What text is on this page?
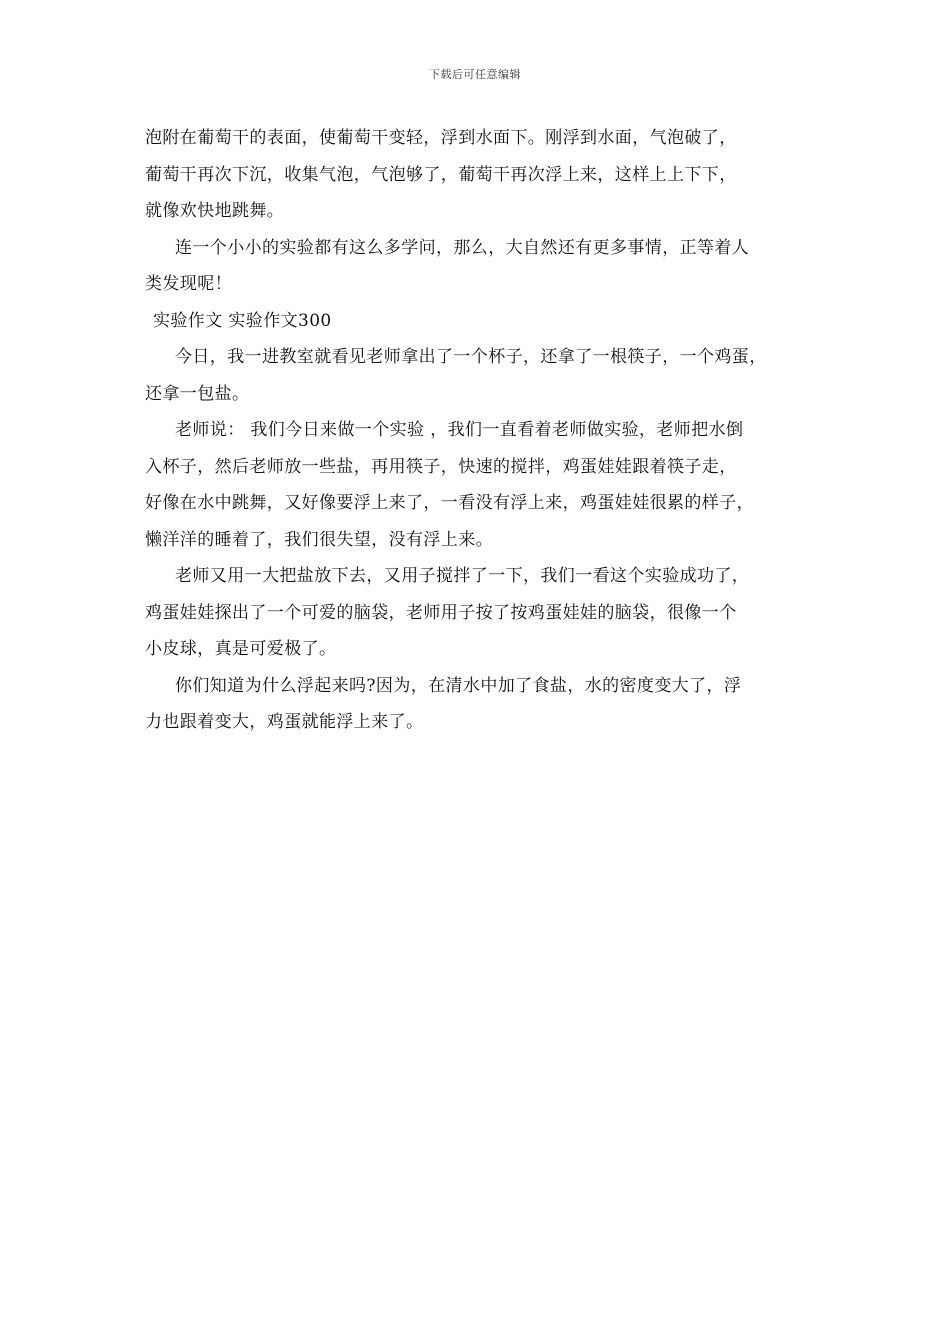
下载后可任意编辑
泡附在葡萄干的表面，使葡萄干变轻，浮到水面下。刚浮到水面，气泡破了，
葡萄干再次下沉，收集气泡，气泡够了，葡萄干再次浮上来，这样上上下下，
就像欢快地跳舞。
连一个小小的实验都有这么多学问，那么，大自然还有更多事情，正等着人
类发现呢！
实验作文 实验作文300
今日，我一进教室就看见老师拿出了一个杯子，还拿了一根筷子，一个鸡蛋，
还拿一包盐。
老师说： 我们今日来做一个实验 ，我们一直看着老师做实验，老师把水倒
入杯子，然后老师放一些盐，再用筷子，快速的搅拌，鸡蛋娃娃跟着筷子走，
好像在水中跳舞，又好像要浮上来了，一看没有浮上来，鸡蛋娃娃很累的样子，
懒洋洋的睡着了，我们很失望，没有浮上来。
老师又用一大把盐放下去，又用子搅拌了一下，我们一看这个实验成功了，
鸡蛋娃娃探出了一个可爱的脑袋，老师用子按了按鸡蛋娃娃的脑袋，很像一个
小皮球，真是可爱极了。
你们知道为什么浮起来吗?因为，在清水中加了食盐，水的密度变大了，浮
力也跟着变大，鸡蛋就能浮上来了。
